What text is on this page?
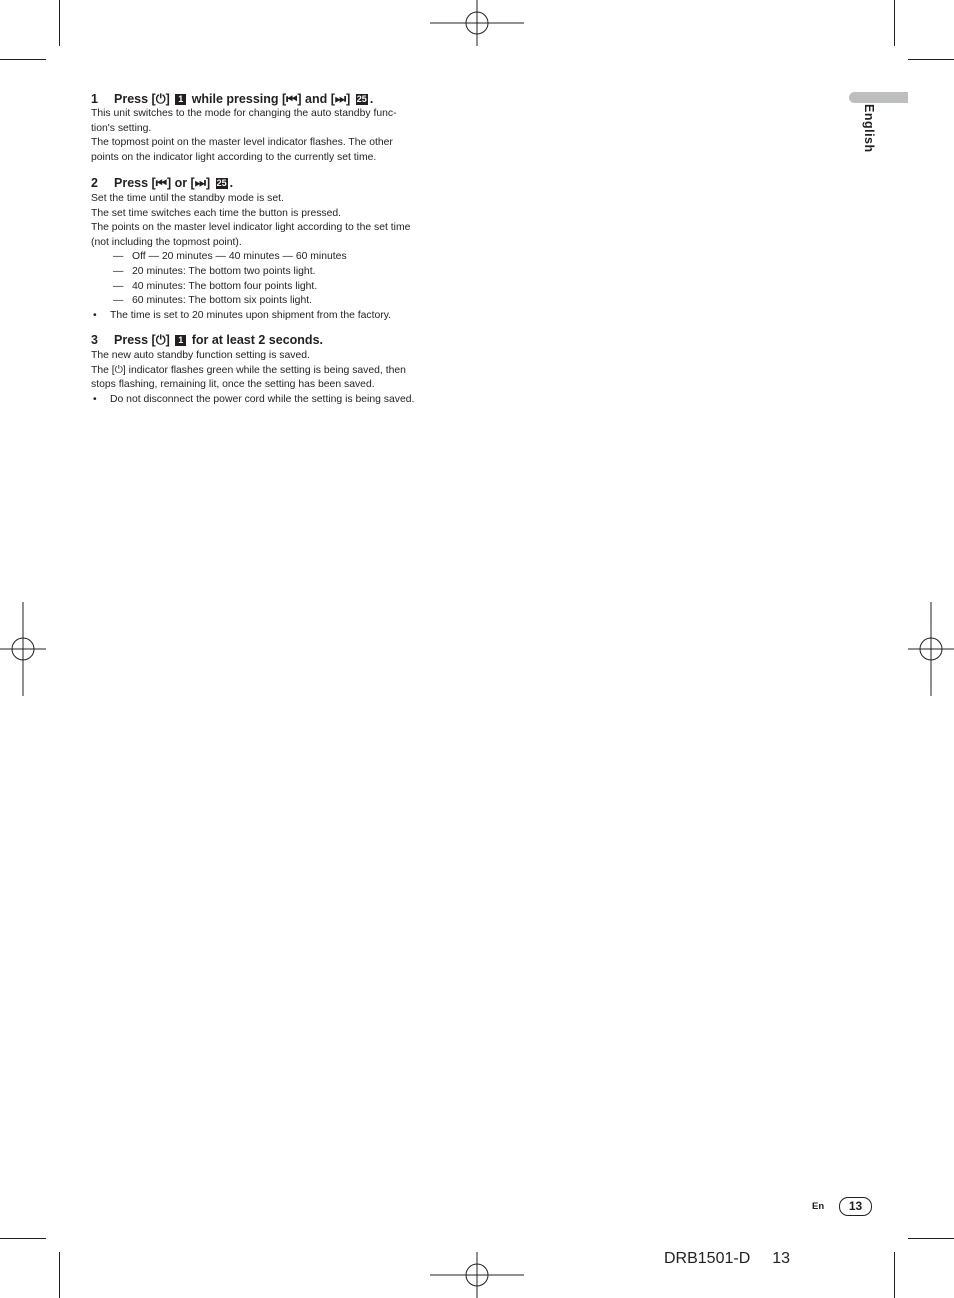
English
1 Press [⏻] 1 while pressing [⏮] and [⏭] 25 .

This unit switches to the mode for changing the auto standby func-

tion's setting.

The topmost point on the master level indicator flashes. The other

points on the indicator light according to the currently set time.

2 Press [⏮] or [⏭] 25 .

Set the time until the standby mode is set.

The set time switches each time the button is pressed.

The points on the master level indicator light according to the set time

(not including the topmost point).

— Off — 20 minutes — 40 minutes — 60 minutes

— 20 minutes: The bottom two points light.

— 40 minutes: The bottom four points light.

— 60 minutes: The bottom six points light.

• The time is set to 20 minutes upon shipment from the factory.

3 Press [⏻] 1 for at least 2 seconds.

The new auto standby function setting is saved.

The [⏻] indicator flashes green while the setting is being saved, then

stops flashing, remaining lit, once the setting has been saved.

• Do not disconnect the power cord while the setting is being saved.

En	13
DRB1501-D 13
